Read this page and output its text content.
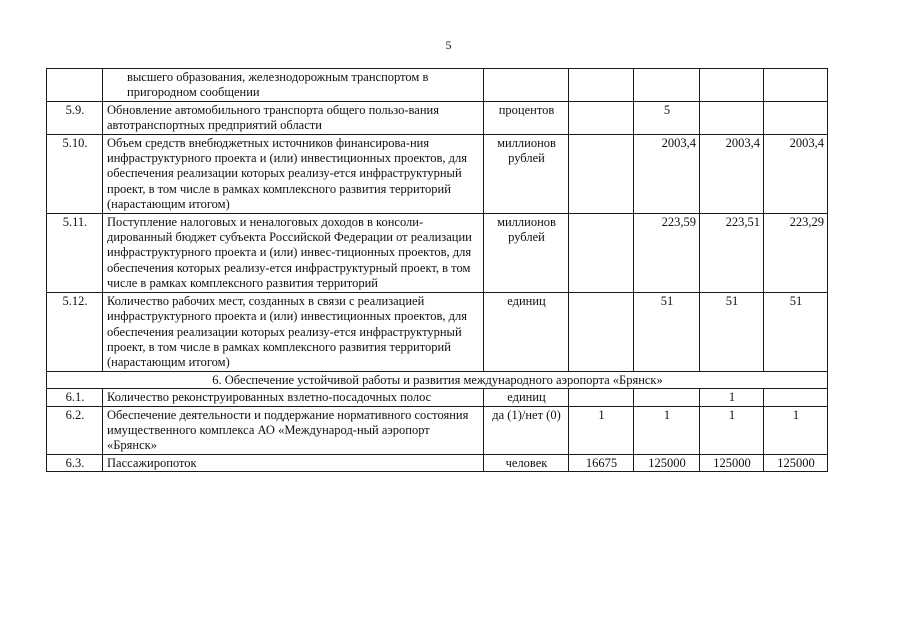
5
	высшего образования, железнодорожным транспортом в пригородном сообщении					
5.9.	Обновление автомобильного транспорта общего пользо-вания автотранспортных предприятий области	процентов		5		
5.10.	Объем средств внебюджетных источников финансирова-ния инфраструктурного проекта и (или) инвестиционных проектов, для обеспечения реализации которых реализу-ется инфраструктурный проект, в том числе в рамках комплексного развития территорий (нарастающим итогом)	миллионов рублей		2003,4	2003,4	2003,4
5.11.	Поступление налоговых и неналоговых доходов в консоли-дированный бюджет субъекта Российской Федерации от реализации инфраструктурного проекта и (или) инвес-тиционных проектов, для обеспечения которых реализу-ется инфраструктурный проект, в том числе в рамках комплексного развития территорий	миллионов рублей		223,59	223,51	223,29
5.12.	Количество рабочих мест, созданных в связи с реализацией инфраструктурного проекта и (или) инвестиционных проектов, для обеспечения реализации которых реализу-ется инфраструктурный проект, в том числе в рамках комплексного развития территорий (нарастающим итогом)	единиц		51	51	51
6. Обеспечение устойчивой работы и развития международного аэропорта «Брянск»						
6.1.	Количество реконструированных взлетно-посадочных полос	единиц			1	
6.2.	Обеспечение деятельности и поддержание нормативного состояния имущественного комплекса АО «Международ-ный аэропорт «Брянск»	да (1)/нет (0)	1	1	1	1
6.3.	Пассажиропоток	человек	16675	125000	125000	125000
